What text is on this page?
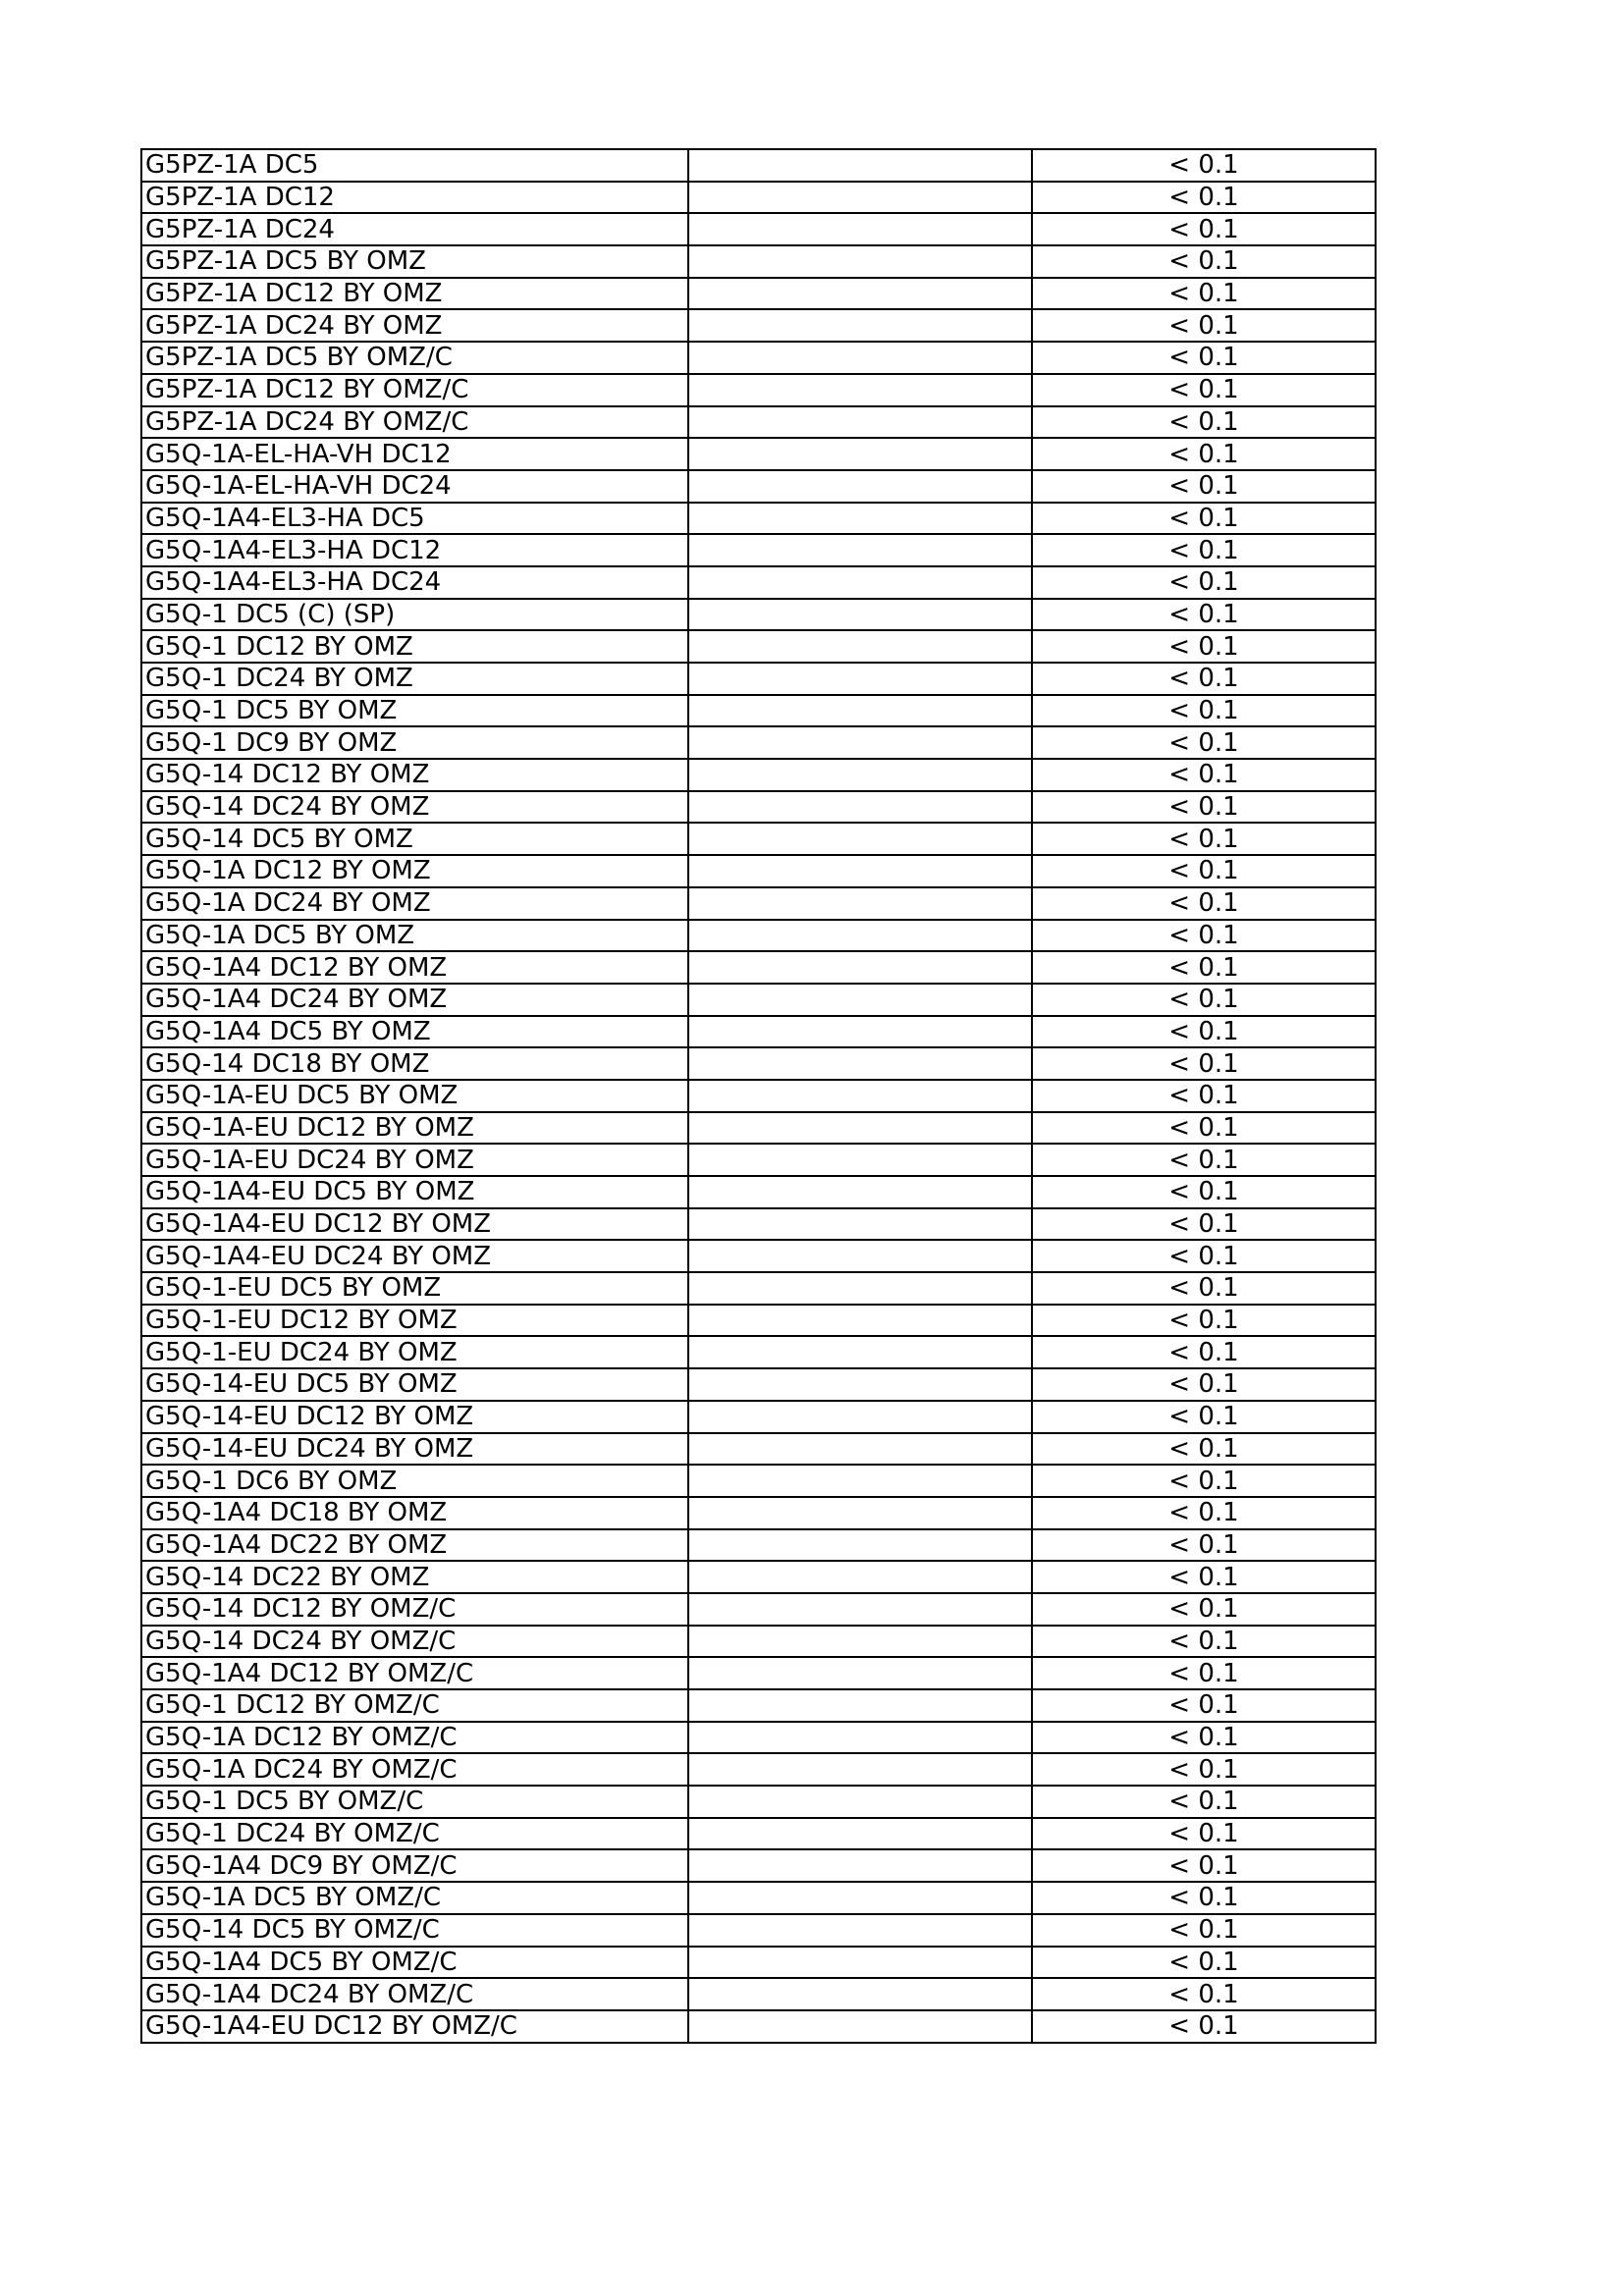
G5PZ-1A DC5		< 0.1
G5PZ-1A DC12		< 0.1
G5PZ-1A DC24		< 0.1
G5PZ-1A DC5 BY OMZ		< 0.1
G5PZ-1A DC12 BY OMZ		< 0.1
G5PZ-1A DC24 BY OMZ		< 0.1
G5PZ-1A DC5 BY OMZ/C		< 0.1
G5PZ-1A DC12 BY OMZ/C		< 0.1
G5PZ-1A DC24 BY OMZ/C		< 0.1
G5Q-1A-EL-HA-VH DC12		< 0.1
G5Q-1A-EL-HA-VH DC24		< 0.1
G5Q-1A4-EL3-HA DC5		< 0.1
G5Q-1A4-EL3-HA DC12		< 0.1
G5Q-1A4-EL3-HA DC24		< 0.1
G5Q-1 DC5 (C) (SP)		< 0.1
G5Q-1 DC12 BY OMZ		< 0.1
G5Q-1 DC24 BY OMZ		< 0.1
G5Q-1 DC5 BY OMZ		< 0.1
G5Q-1 DC9 BY OMZ		< 0.1
G5Q-14 DC12 BY OMZ		< 0.1
G5Q-14 DC24 BY OMZ		< 0.1
G5Q-14 DC5 BY OMZ		< 0.1
G5Q-1A DC12 BY OMZ		< 0.1
G5Q-1A DC24 BY OMZ		< 0.1
G5Q-1A DC5 BY OMZ		< 0.1
G5Q-1A4 DC12 BY OMZ		< 0.1
G5Q-1A4 DC24 BY OMZ		< 0.1
G5Q-1A4 DC5 BY OMZ		< 0.1
G5Q-14 DC18 BY OMZ		< 0.1
G5Q-1A-EU DC5 BY OMZ		< 0.1
G5Q-1A-EU DC12 BY OMZ		< 0.1
G5Q-1A-EU DC24 BY OMZ		< 0.1
G5Q-1A4-EU DC5 BY OMZ		< 0.1
G5Q-1A4-EU DC12 BY OMZ		< 0.1
G5Q-1A4-EU DC24 BY OMZ		< 0.1
G5Q-1-EU DC5 BY OMZ		< 0.1
G5Q-1-EU DC12 BY OMZ		< 0.1
G5Q-1-EU DC24 BY OMZ		< 0.1
G5Q-14-EU DC5 BY OMZ		< 0.1
G5Q-14-EU DC12 BY OMZ		< 0.1
G5Q-14-EU DC24 BY OMZ		< 0.1
G5Q-1 DC6 BY OMZ		< 0.1
G5Q-1A4 DC18 BY OMZ		< 0.1
G5Q-1A4 DC22 BY OMZ		< 0.1
G5Q-14 DC22 BY OMZ		< 0.1
G5Q-14 DC12 BY OMZ/C		< 0.1
G5Q-14 DC24 BY OMZ/C		< 0.1
G5Q-1A4 DC12 BY OMZ/C		< 0.1
G5Q-1 DC12 BY OMZ/C		< 0.1
G5Q-1A DC12 BY OMZ/C		< 0.1
G5Q-1A DC24 BY OMZ/C		< 0.1
G5Q-1 DC5 BY OMZ/C		< 0.1
G5Q-1 DC24 BY OMZ/C		< 0.1
G5Q-1A4 DC9 BY OMZ/C		< 0.1
G5Q-1A DC5 BY OMZ/C		< 0.1
G5Q-14 DC5 BY OMZ/C		< 0.1
G5Q-1A4 DC5 BY OMZ/C		< 0.1
G5Q-1A4 DC24 BY OMZ/C		< 0.1
G5Q-1A4-EU DC12 BY OMZ/C		< 0.1
